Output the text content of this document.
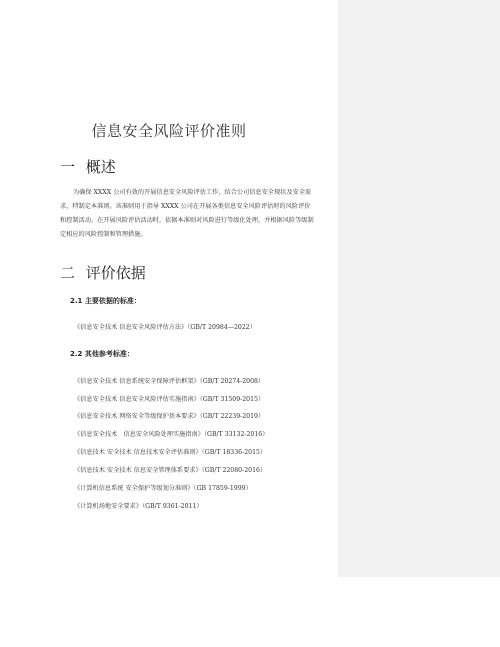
信息安全风险评价准则
一 概述
为确保 XXXX 公司有效的开展信息安全风险评估工作，结合公司信息安全现状及安全需求，特制定本准则。该准则用于指导 XXXX 公司在开展各类信息安全风险评估时的风险评价和控制活动。在开展风险评估活动时，依据本准则对风险进行等级化处理，并根据风险等级制定相应的风险控制和管理措施。
二 评价依据
2.1 主要依据的标准：
《信息安全技术 信息安全风险评估方法》（GB/T 20984—2022）
2.2 其他参考标准：
《信息安全技术 信息系统安全保障评估框架》（GB/T 20274-2008）
《信息安全技术 信息安全风险评估实施指南》（GB/T 31509-2015）
《信息安全技术 网络安全等级保护基本要求》（GB/T 22239-2019）
《信息安全技术　信息安全风险处理实施指南》（GB/T 33132-2016）
《信息技术 安全技术 信息技术安全评估准则》（GB/T 18336-2015）
《信息技术 安全技术 信息安全管理体系要求》（GB/T 22080-2016）
《计算机信息系统 安全保护等级划分准则》（GB 17859-1999）
《计算机场地安全要求》（GB/T 9361-2011）
